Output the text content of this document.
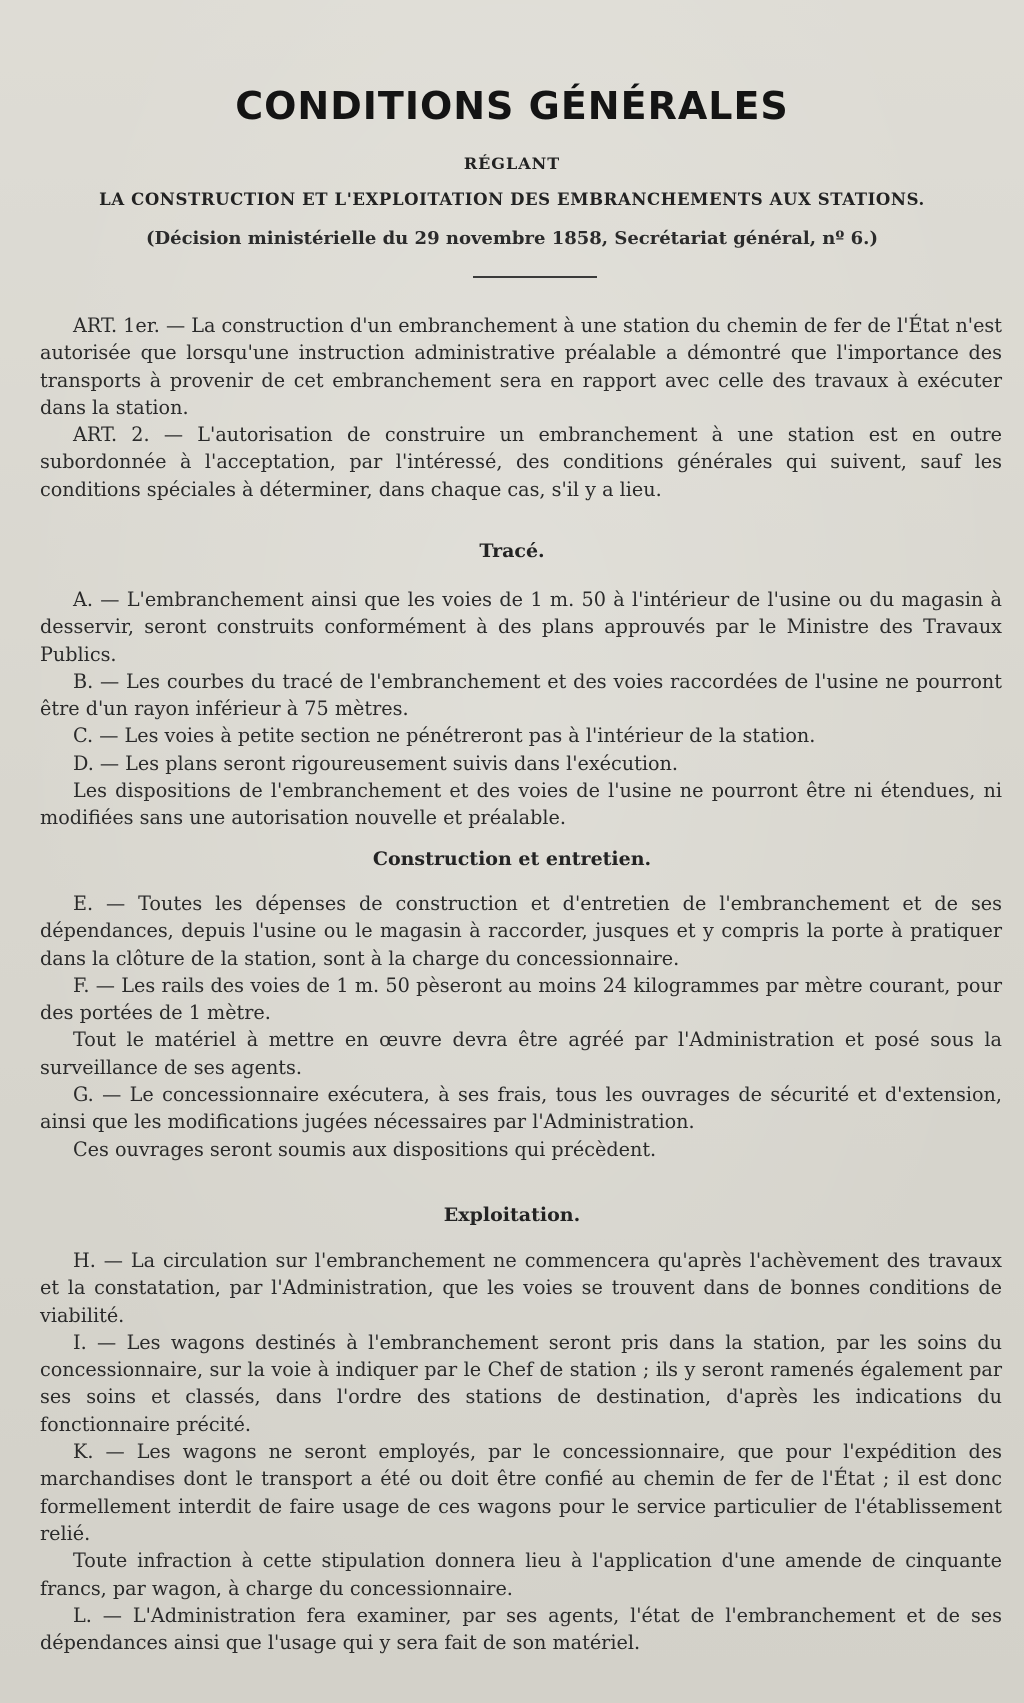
CONDITIONS GÉNÉRALES
RÉGLANT
LA CONSTRUCTION ET L'EXPLOITATION DES EMBRANCHEMENTS AUX STATIONS.
(Décision ministérielle du 29 novembre 1858, Secrétariat général, nº 6.)

ART. 1er. — La construction d'un embranchement à une station du chemin de fer de l'État n'est autorisée que lorsqu'une instruction administrative préalable a démontré que l'importance des transports à provenir de cet embranchement sera en rapport avec celle des travaux à exécuter dans la station.

ART. 2. — L'autorisation de construire un embranchement à une station est en outre subordonnée à l'acceptation, par l'intéressé, des conditions générales qui suivent, sauf les conditions spéciales à déterminer, dans chaque cas, s'il y a lieu.

Tracé.

A. — L'embranchement ainsi que les voies de 1 m. 50 à l'intérieur de l'usine ou du magasin à desservir, seront construits conformément à des plans approuvés par le Ministre des Travaux Publics.

B. — Les courbes du tracé de l'embranchement et des voies raccordées de l'usine ne pourront être d'un rayon inférieur à 75 mètres.

C. — Les voies à petite section ne pénétreront pas à l'intérieur de la station.

D. — Les plans seront rigoureusement suivis dans l'exécution.

Les dispositions de l'embranchement et des voies de l'usine ne pourront être ni étendues, ni modifiées sans une autorisation nouvelle et préalable.

Construction et entretien.

E. — Toutes les dépenses de construction et d'entretien de l'embranchement et de ses dépendances, depuis l'usine ou le magasin à raccorder, jusques et y compris la porte à pratiquer dans la clôture de la station, sont à la charge du concessionnaire.

F. — Les rails des voies de 1 m. 50 pèseront au moins 24 kilogrammes par mètre courant, pour des portées de 1 mètre.

Tout le matériel à mettre en œuvre devra être agréé par l'Administration et posé sous la surveillance de ses agents.

G. — Le concessionnaire exécutera, à ses frais, tous les ouvrages de sécurité et d'extension, ainsi que les modifications jugées nécessaires par l'Administration.

Ces ouvrages seront soumis aux dispositions qui précèdent.

Exploitation.

H. — La circulation sur l'embranchement ne commencera qu'après l'achèvement des travaux et la constatation, par l'Administration, que les voies se trouvent dans de bonnes conditions de viabilité.

I. — Les wagons destinés à l'embranchement seront pris dans la station, par les soins du concessionnaire, sur la voie à indiquer par le Chef de station ; ils y seront ramenés également par ses soins et classés, dans l'ordre des stations de destination, d'après les indications du fonctionnaire précité.

K. — Les wagons ne seront employés, par le concessionnaire, que pour l'expédition des marchandises dont le transport a été ou doit être confié au chemin de fer de l'État ; il est donc formellement interdit de faire usage de ces wagons pour le service particulier de l'établissement relié.

Toute infraction à cette stipulation donnera lieu à l'application d'une amende de cinquante francs, par wagon, à charge du concessionnaire.

L. — L'Administration fera examiner, par ses agents, l'état de l'embranchement et de ses dépendances ainsi que l'usage qui y sera fait de son matériel.
